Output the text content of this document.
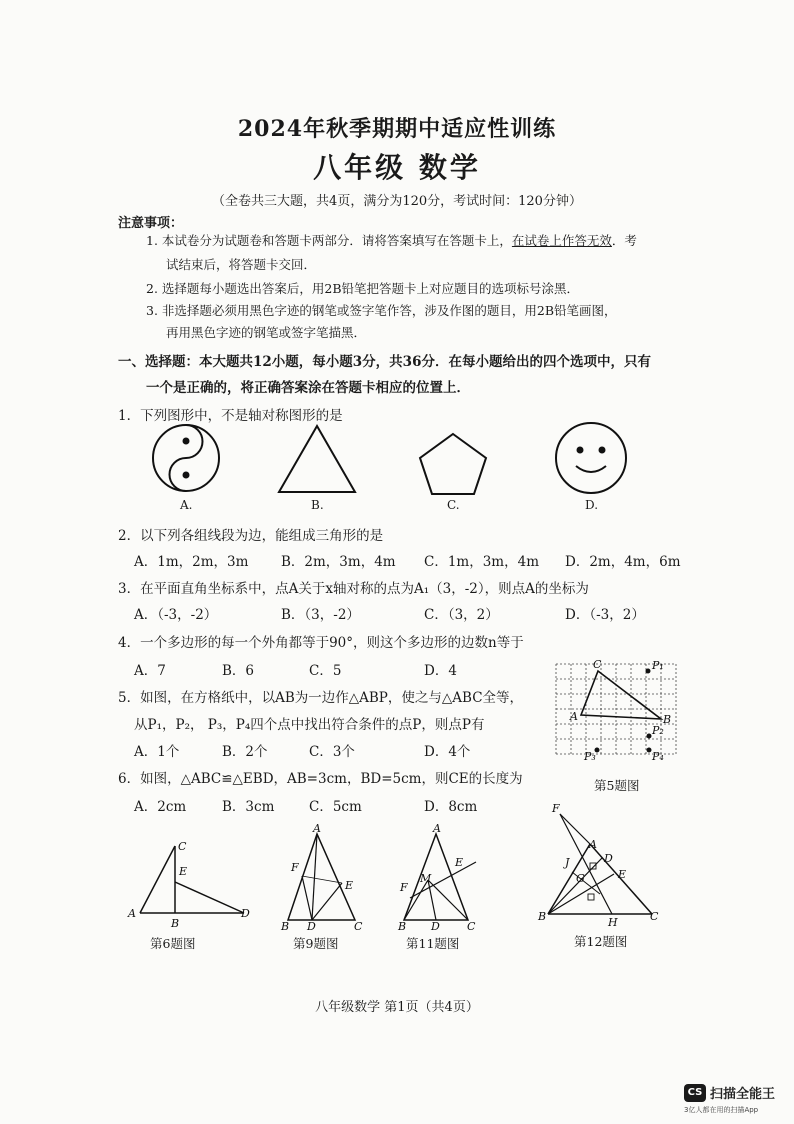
2024年秋季期期中适应性训练
八年级 数学
（全卷共三大题，共4页，满分为120分，考试时间：120分钟）
注意事项：
1. 本试卷分为试题卷和答题卡两部分．请将答案填写在答题卡上，在试卷上作答无效．考
试结束后，将答题卡交回．
2. 选择题每小题选出答案后，用2B铅笔把答题卡上对应题目的选项标号涂黑．
3. 非选择题必须用黑色字迹的钢笔或签字笔作答，涉及作图的题目，用2B铅笔画图，
再用黑色字迹的钢笔或签字笔描黑．
一、选择题：本大题共12小题，每小题3分，共36分．在每小题给出的四个选项中，只有
一个是正确的，将正确答案涂在答题卡相应的位置上．
1．下列图形中，不是轴对称图形的是
A.	B.	C.	D.
2．以下列各组线段为边，能组成三角形的是
A．1m，2m，3m B．2m，3m，4m C．1m，3m，4m D．2m，4m，6m
3．在平面直角坐标系中，点A关于x轴对称的点为A₁（3，-2），则点A的坐标为
A．（-3，-2）	B．（3，-2）	C．（3，2）	D．（-3，2）
4．一个多边形的每一个外角都等于90°，则这个多边形的边数n等于
A．7	B．6	C．5	D．4
5．如图，在方格纸中，以AB为一边作△ABP，使之与△ABC全等，
从P₁，P₂， P₃，P₄四个点中找出符合条件的点P，则点P有
A．1个	B．2个	C．3个	D．4个
C	P₁
A	B
P₂
P₃	P₄
第5题图
6．如图，△ABC≌△EBD，AB=3cm，BD=5cm，则CE的长度为
A．2cm	B．3cm	C．5cm	D．8cm
C
E
A
B
D
第6题图
A
F
E
B D	C
第9题图
A
E
F
M
B D C
第11题图
F
A
D
J
G	E
B	H	C
第12题图
八年级数学 第1页（共4页）
CS 扫描全能王
3亿人都在用的扫描App
